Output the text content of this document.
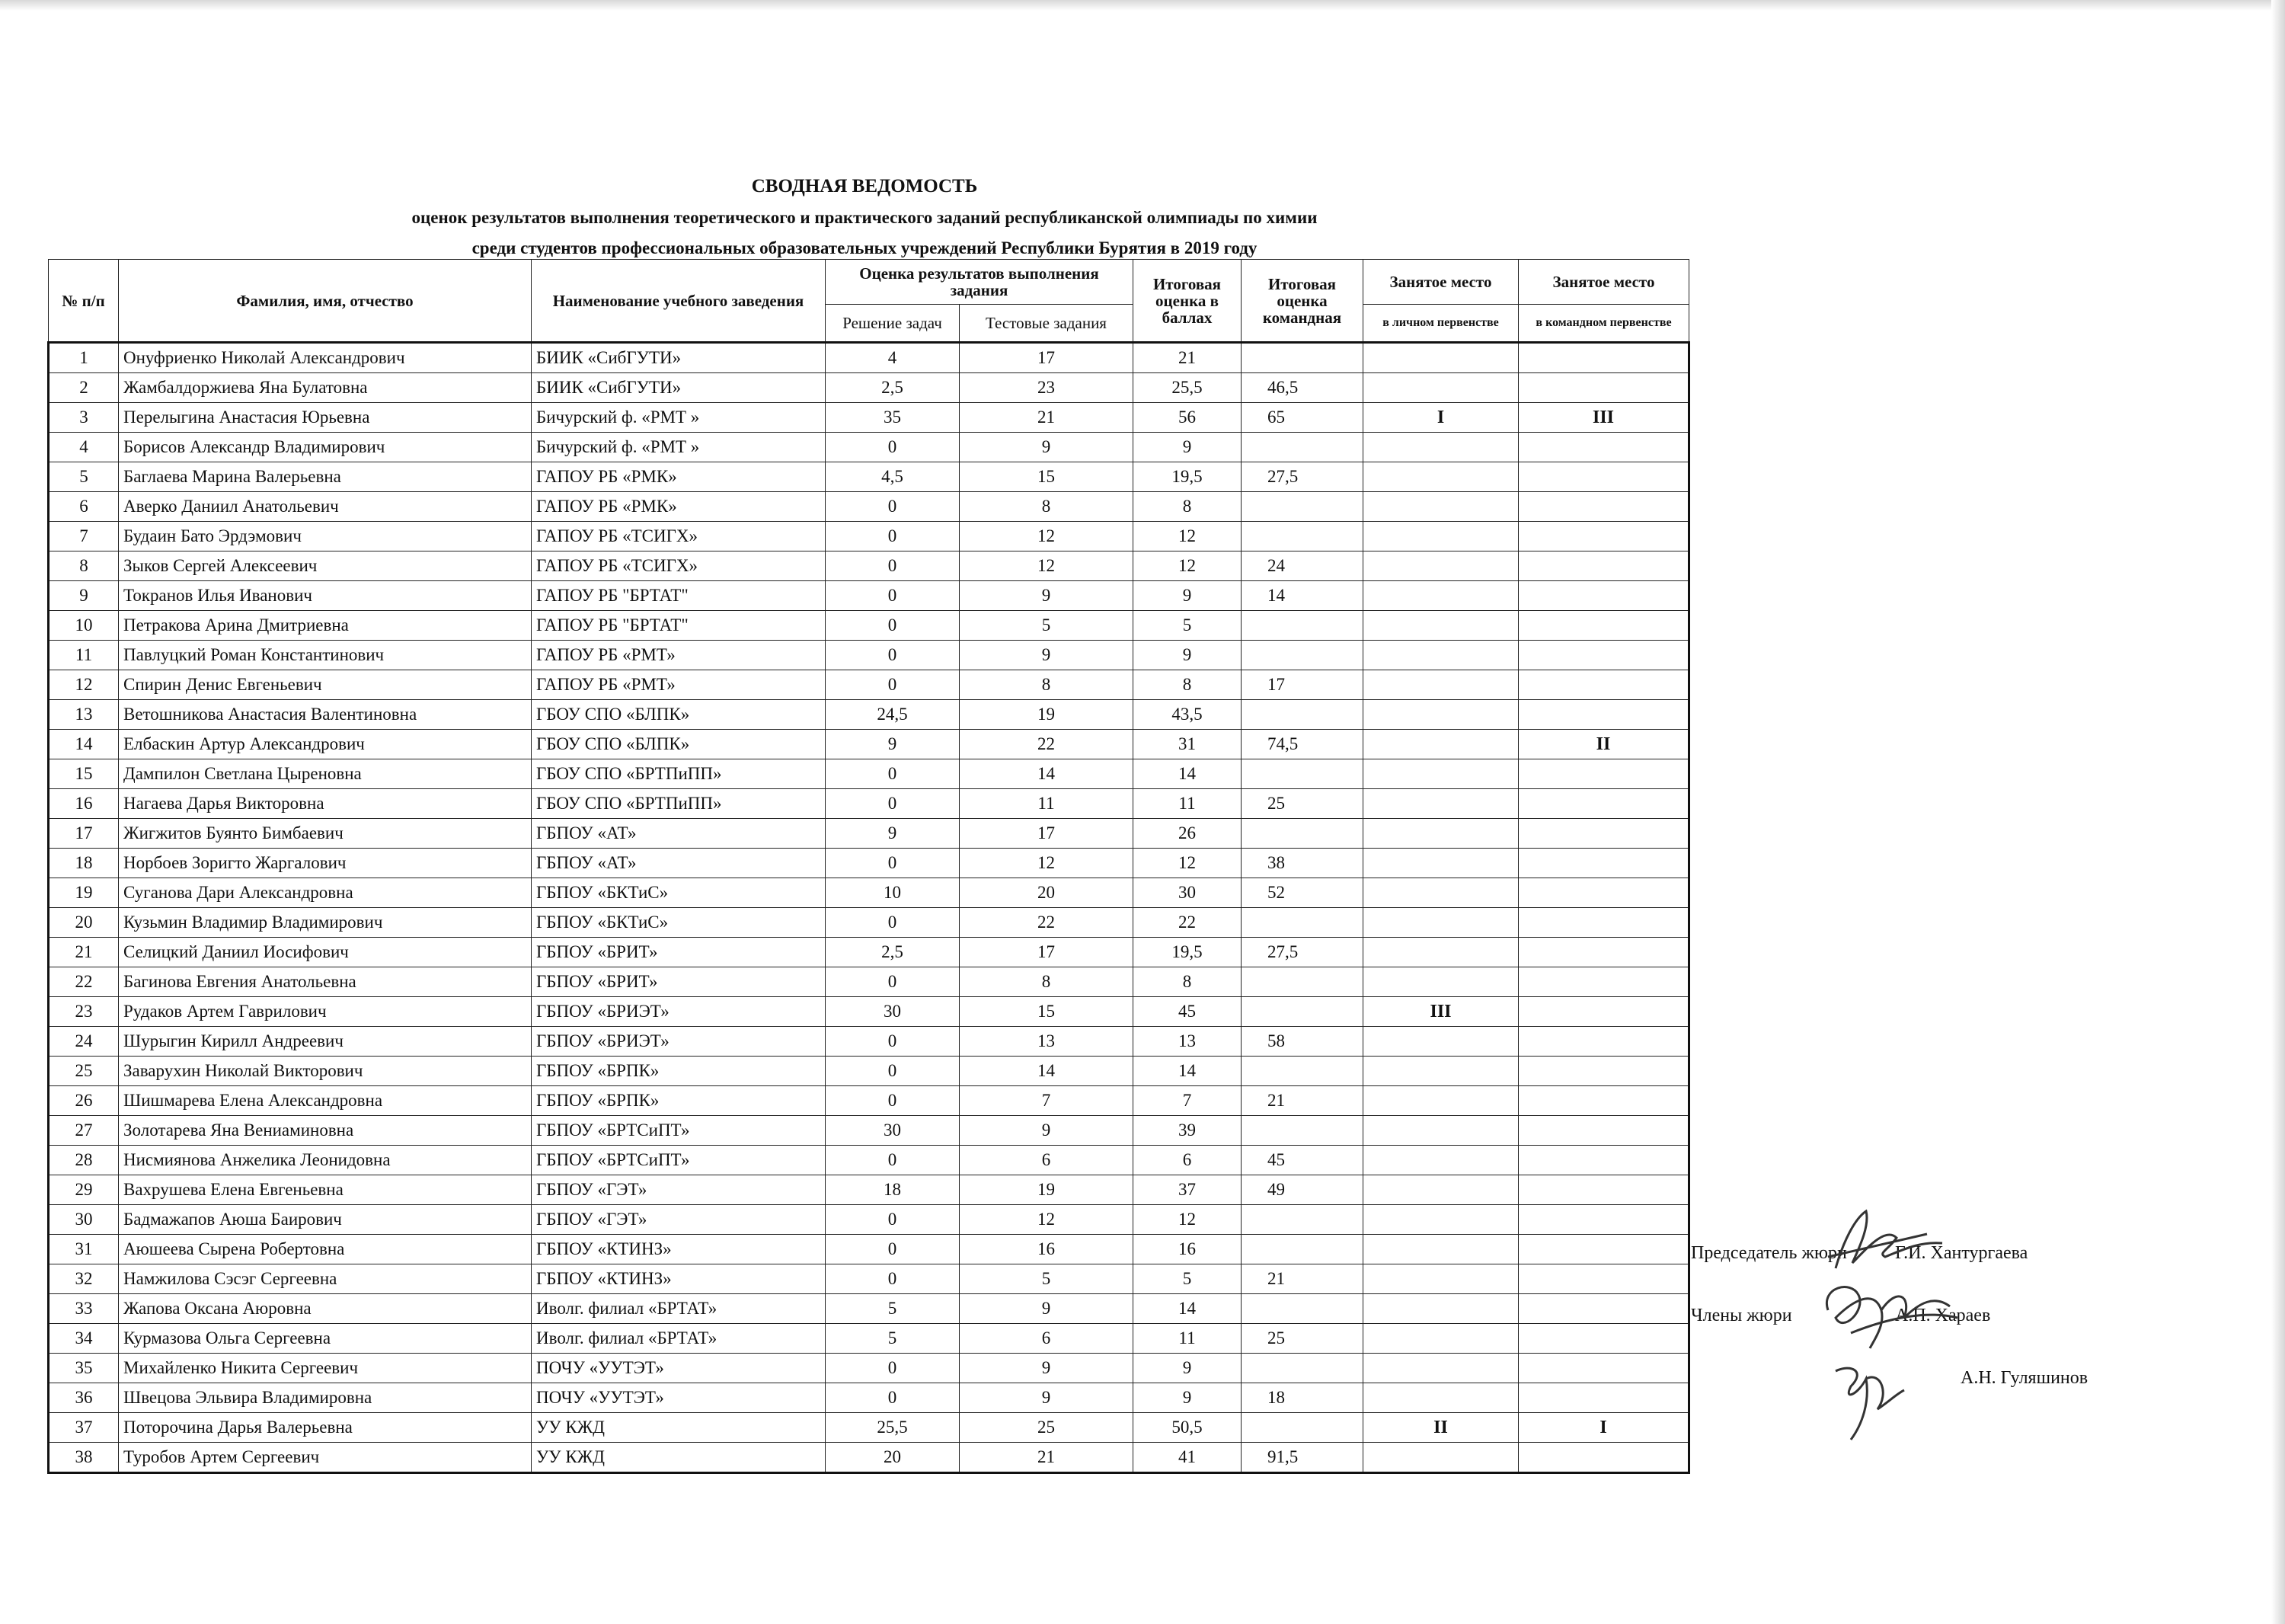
СВОДНАЯ ВЕДОМОСТЬ
оценок результатов выполнения теоретического и практического заданий республиканской олимпиады по химии
среди студентов профессиональных образовательных учреждений Республики Бурятия в 2019 году
№ п/п	Фамилия, имя, отчество	Наименование учебного заведения	Оценка результатов выполнения задания		Итоговая оценка в баллах	Итоговая оценка командная	Занятое место	Занятое место
			Решение задач	Тестовые задания			в личном первенстве	в командном первенстве
1	Онуфриенко Николай Александрович	БИИК «СибГУТИ»	4	17	21			
2	Жамбалдоржиева Яна Булатовна	БИИК «СибГУТИ»	2,5	23	25,5	46,5		
3	Перелыгина Анастасия Юрьевна	Бичурский ф. «РМТ »	35	21	56	65	I	III
4	Борисов Александр Владимирович	Бичурский ф. «РМТ »	0	9	9			
5	Баглаева Марина Валерьевна	ГАПОУ РБ «РМК»	4,5	15	19,5	27,5		
6	Аверко Даниил Анатольевич	ГАПОУ РБ «РМК»	0	8	8			
7	Будаин Бато Эрдэмович	ГАПОУ РБ «ТСИГХ»	0	12	12			
8	Зыков Сергей Алексеевич	ГАПОУ РБ «ТСИГХ»	0	12	12	24		
9	Токранов Илья Иванович	ГАПОУ РБ "БРТАТ"	0	9	9	14		
10	Петракова Арина Дмитриевна	ГАПОУ РБ "БРТАТ"	0	5	5			
11	Павлуцкий Роман Константинович	ГАПОУ РБ «РМТ»	0	9	9			
12	Спирин Денис Евгеньевич	ГАПОУ РБ «РМТ»	0	8	8	17		
13	Ветошникова Анастасия Валентиновна	ГБОУ СПО «БЛПК»	24,5	19	43,5			
14	Елбаскин Артур Александрович	ГБОУ СПО «БЛПК»	9	22	31	74,5		II
15	Дампилон Светлана Цыреновна	ГБОУ СПО «БРТПиПП»	0	14	14			
16	Нагаева Дарья Викторовна	ГБОУ СПО «БРТПиПП»	0	11	11	25		
17	Жигжитов Буянто Бимбаевич	ГБПОУ «АТ»	9	17	26			
18	Норбоев Зоригто Жаргалович	ГБПОУ «АТ»	0	12	12	38		
19	Суганова Дари Александровна	ГБПОУ «БКТиС»	10	20	30	52		
20	Кузьмин Владимир Владимирович	ГБПОУ «БКТиС»	0	22	22			
21	Селицкий Даниил Иосифович	ГБПОУ «БРИТ»	2,5	17	19,5	27,5		
22	Багинова Евгения Анатольевна	ГБПОУ «БРИТ»	0	8	8			
23	Рудаков Артем Гаврилович	ГБПОУ «БРИЭТ»	30	15	45		III	
24	Шурыгин Кирилл Андреевич	ГБПОУ «БРИЭТ»	0	13	13	58		
25	Заварухин Николай Викторович	ГБПОУ «БРПК»	0	14	14			
26	Шишмарева Елена Александровна	ГБПОУ «БРПК»	0	7	7	21		
27	Золотарева Яна Вениаминовна	ГБПОУ «БРТСиПТ»	30	9	39			
28	Нисмиянова Анжелика Леонидовна	ГБПОУ «БРТСиПТ»	0	6	6	45		
29	Вахрушева Елена Евгеньевна	ГБПОУ «ГЭТ»	18	19	37	49		
30	Бадмажапов Аюша Баирович	ГБПОУ «ГЭТ»	0	12	12			
31	Аюшеева Сырена Робертовна	ГБПОУ «КТИНЗ»	0	16	16			
32	Намжилова Сэсэг Сергеевна	ГБПОУ «КТИНЗ»	0	5	5	21		
33	Жапова Оксана Аюровна	Иволг. филиал «БРТАТ»	5	9	14			
34	Курмазова Ольга Сергеевна	Иволг. филиал «БРТАТ»	5	6	11	25		
35	Михайленко Никита Сергеевич	ПОЧУ «УУТЭТ»	0	9	9			
36	Швецова Эльвира Владимировна	ПОЧУ «УУТЭТ»	0	9	9	18		
37	Поторочина Дарья Валерьевна	УУ КЖД	25,5	25	50,5		II	I
38	Туробов Артем Сергеевич	УУ КЖД	20	21	41	91,5		
Председатель жюри	Г.И. Хантургаева
Члены жюри	А.П. Хараев
А.Н. Гуляшинов
